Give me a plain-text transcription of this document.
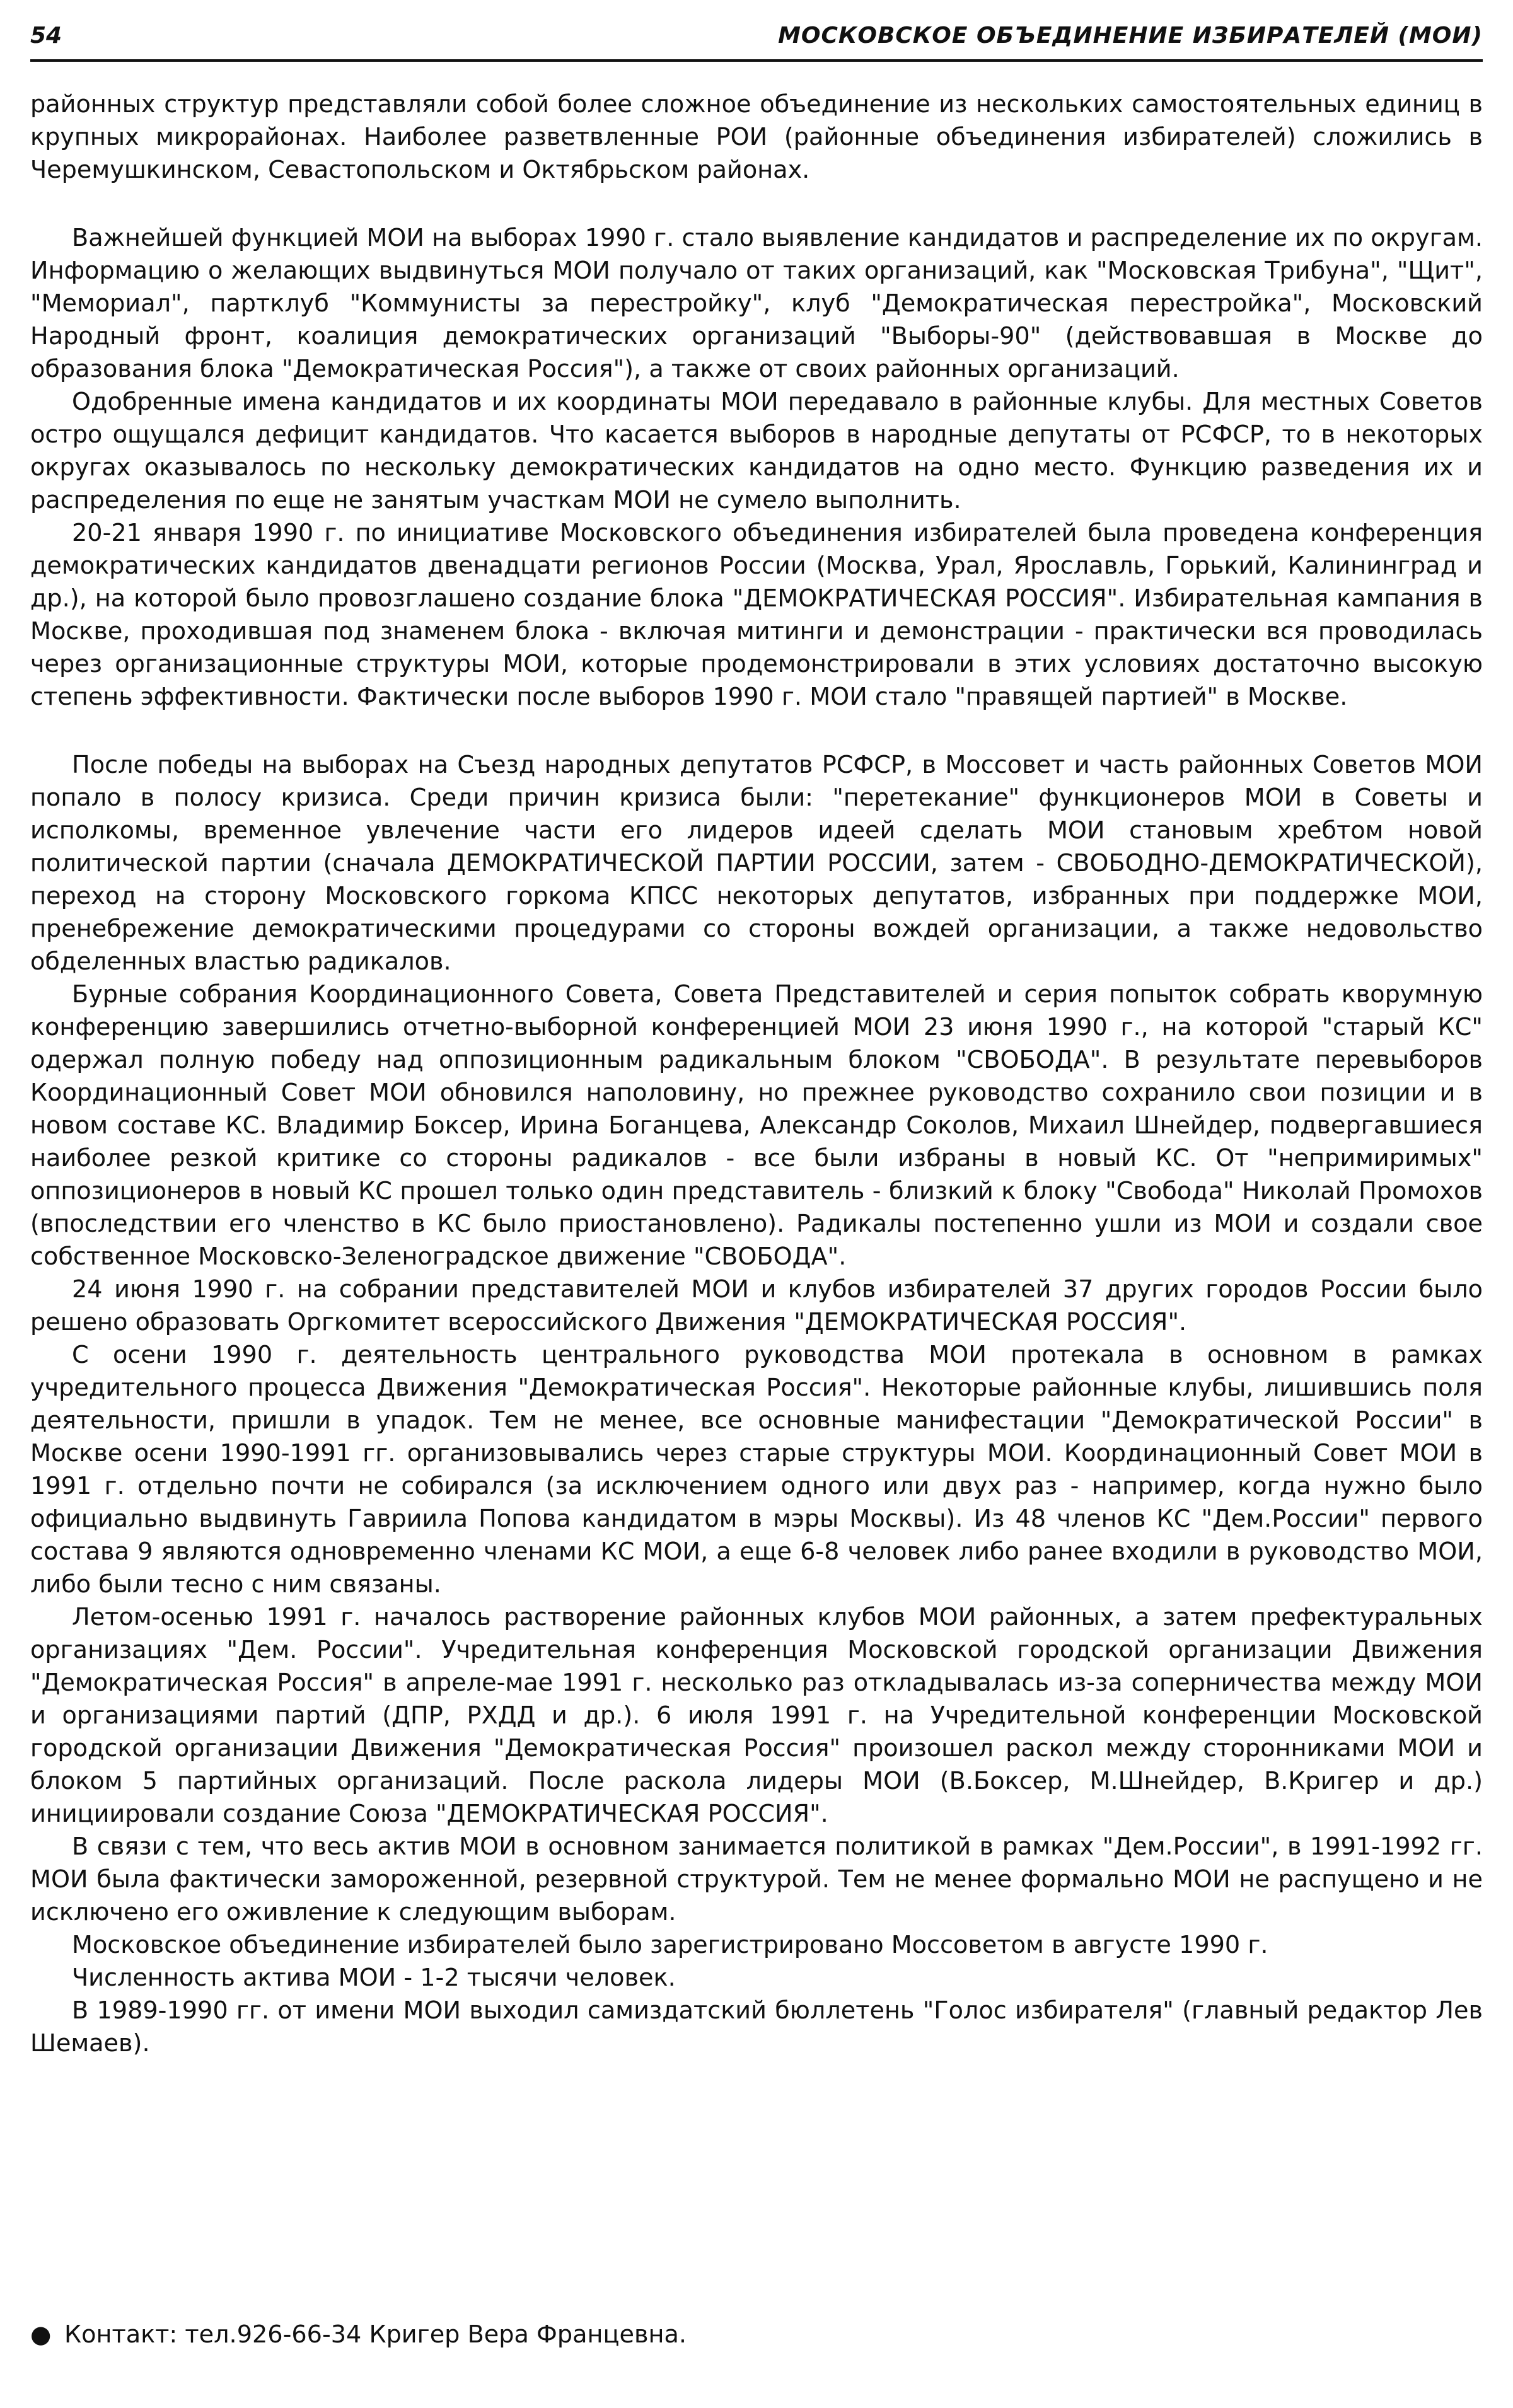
54	МОСКОВСКОЕ ОБЪЕДИНЕНИЕ ИЗБИРАТЕЛЕЙ (МОИ)

районных структур представляли собой более сложное объединение из нескольких самостоятельных единиц в крупных микрорайонах. Наиболее разветвленные РОИ (районные объединения избирателей) сложились в Черемушкинском, Севастопольском и Октябрьском районах.

Важнейшей функцией МОИ на выборах 1990 г. стало выявление кандидатов и распределение их по округам. Информацию о желающих выдвинуться МОИ получало от таких организаций, как "Московская Трибуна", "Щит", "Мемориал", партклуб "Коммунисты за перестройку", клуб "Демократическая перестройка", Московский Народный фронт, коалиция демократических организаций "Выборы-90" (действовавшая в Москве до образования блока "Демократическая Россия"), а также от своих районных организаций.

Одобренные имена кандидатов и их координаты МОИ передавало в районные клубы. Для местных Советов остро ощущался дефицит кандидатов. Что касается выборов в народные депутаты от РСФСР, то в некоторых округах оказывалось по нескольку демократических кандидатов на одно место. Функцию разведения их и распределения по еще не занятым участкам МОИ не сумело выполнить.

20-21 января 1990 г. по инициативе Московского объединения избирателей была проведена конференция демократических кандидатов двенадцати регионов России (Москва, Урал, Ярославль, Горький, Калининград и др.), на которой было провозглашено создание блока "ДЕМОКРАТИЧЕСКАЯ РОССИЯ". Избирательная кампания в Москве, проходившая под знаменем блока - включая митинги и демонстрации - практически вся проводилась через организационные структуры МОИ, которые продемонстрировали в этих условиях достаточно высокую степень эффективности. Фактически после выборов 1990 г. МОИ стало "правящей партией" в Москве.

После победы на выборах на Съезд народных депутатов РСФСР, в Моссовет и часть районных Советов МОИ попало в полосу кризиса. Среди причин кризиса были: "перетекание" функционеров МОИ в Советы и исполкомы, временное увлечение части его лидеров идеей сделать МОИ становым хребтом новой политической партии (сначала ДЕМОКРАТИЧЕСКОЙ ПАРТИИ РОССИИ, затем - СВОБОДНО-ДЕМОКРАТИЧЕСКОЙ), переход на сторону Московского горкома КПСС некоторых депутатов, избранных при поддержке МОИ, пренебрежение демократическими процедурами со стороны вождей организации, а также недовольство обделенных властью радикалов.

Бурные собрания Координационного Совета, Совета Представителей и серия попыток собрать кворумную конференцию завершились отчетно-выборной конференцией МОИ 23 июня 1990 г., на которой "старый КС" одержал полную победу над оппозиционным радикальным блоком "СВОБОДА". В результате перевыборов Координационный Совет МОИ обновился наполовину, но прежнее руководство сохранило свои позиции и в новом составе КС. Владимир Боксер, Ирина Боганцева, Александр Соколов, Михаил Шнейдер, подвергавшиеся наиболее резкой критике со стороны радикалов - все были избраны в новый КС. От "непримиримых" оппозиционеров в новый КС прошел только один представитель - близкий к блоку "Свобода" Николай Промохов (впоследствии его членство в КС было приостановлено). Радикалы постепенно ушли из МОИ и создали свое собственное Московско-Зеленоградское движение "СВОБОДА".

24 июня 1990 г. на собрании представителей МОИ и клубов избирателей 37 других городов России было решено образовать Оргкомитет всероссийского Движения "ДЕМОКРАТИЧЕСКАЯ РОССИЯ".

С осени 1990 г. деятельность центрального руководства МОИ протекала в основном в рамках учредительного процесса Движения "Демократическая Россия". Некоторые районные клубы, лишившись поля деятельности, пришли в упадок. Тем не менее, все основные манифестации "Демократической России" в Москве осени 1990-1991 гг. организовывались через старые структуры МОИ. Координационный Совет МОИ в 1991 г. отдельно почти не собирался (за исключением одного или двух раз - например, когда нужно было официально выдвинуть Гавриила Попова кандидатом в мэры Москвы). Из 48 членов КС "Дем.России" первого состава 9 являются одновременно членами КС МОИ, а еще 6-8 человек либо ранее входили в руководство МОИ, либо были тесно с ним связаны.

Летом-осенью 1991 г. началось растворение районных клубов МОИ районных, а затем префектуральных организациях "Дем. России". Учредительная конференция Московской городской организации Движения "Демократическая Россия" в апреле-мае 1991 г. несколько раз откладывалась из-за соперничества между МОИ и организациями партий (ДПР, РХДД и др.). 6 июля 1991 г. на Учредительной конференции Московской городской организации Движения "Демократическая Россия" произошел раскол между сторонниками МОИ и блоком 5 партийных организаций. После раскола лидеры МОИ (В.Боксер, М.Шнейдер, В.Кригер и др.) инициировали создание Союза "ДЕМОКРАТИЧЕСКАЯ РОССИЯ".

В связи с тем, что весь актив МОИ в основном занимается политикой в рамках "Дем.России", в 1991-1992 гг. МОИ была фактически замороженной, резервной структурой. Тем не менее формально МОИ не распущено и не исключено его оживление к следующим выборам.

Московское объединение избирателей было зарегистрировано Моссоветом в августе 1990 г.

Численность актива МОИ - 1-2 тысячи человек.

В 1989-1990 гг. от имени МОИ выходил самиздатский бюллетень "Голос избирателя" (главный редактор Лев Шемаев).

● Контакт: тел.926-66-34 Кригер Вера Францевна.
